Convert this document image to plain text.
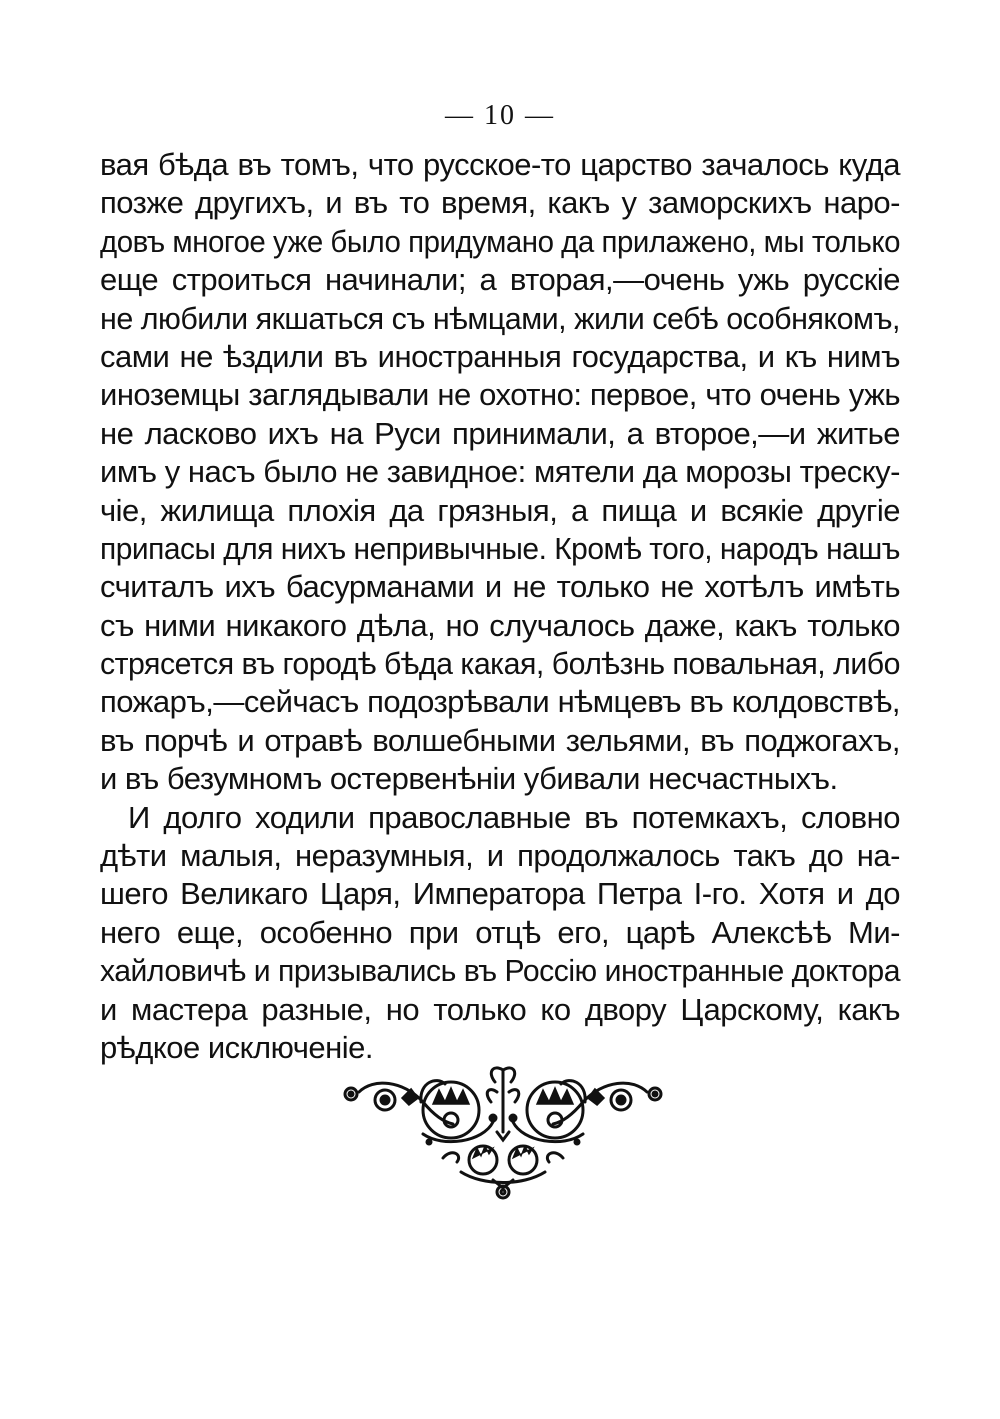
— 10 —
вая бѣда въ томъ, что русское-то царство зачалось куда
позже другихъ, и въ то время, какъ у заморскихъ наро-
довъ многое уже было придумано да прилажено, мы только
еще строиться начинали; а вторая,—очень ужь русскіе
не любили якшаться съ нѣмцами, жили себѣ особнякомъ,
сами не ѣздили въ иностранныя государства, и къ нимъ
иноземцы заглядывали не охотно: первое, что очень ужь
не ласково ихъ на Руси принимали, а второе,—и житье
имъ у насъ было не завидное: мятели да морозы треску-
чіе, жилища плохія да грязныя, а пища и всякіе другіе
припасы для нихъ непривычные. Кромѣ того, народъ нашъ
считалъ ихъ басурманами и не только не хотѣлъ имѣть
съ ними никакого дѣла, но случалось даже, какъ только
стрясется въ городѣ бѣда какая, болѣзнь повальная, либо
пожаръ,—сейчасъ подозрѣвали нѣмцевъ въ колдовствѣ,
въ порчѣ и отравѣ волшебными зельями, въ поджогахъ,
и въ безумномъ остервенѣніи убивали несчастныхъ.
И долго ходили православные въ потемкахъ, словно
дѣти малыя, неразумныя, и продолжалось такъ до на-
шего Великаго Царя, Императора Петра I-го. Хотя и до
него еще, особенно при отцѣ его, царѣ Алексѣѣ Ми-
хайловичѣ и призывались въ Россію иностранные доктора
и мастера разные, но только ко двору Царскому, какъ
рѣдкое исключеніе.
